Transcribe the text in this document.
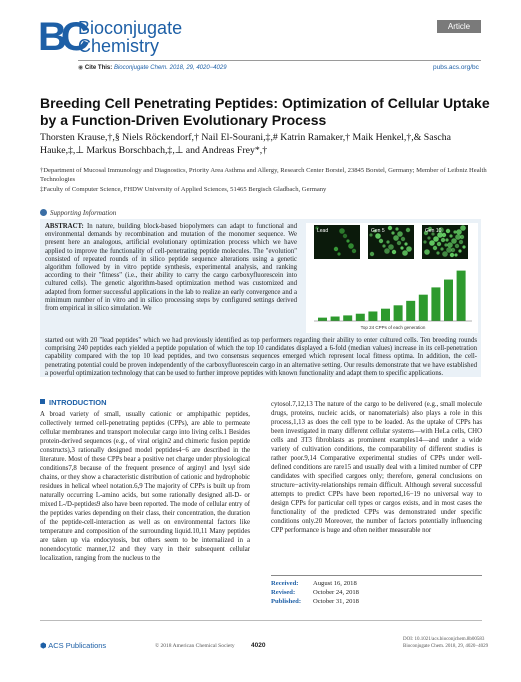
BC
Bioconjugate
Chemistry
Article
◉ Cite This: Bioconjugate Chem. 2018, 29, 4020−4029	pubs.acs.org/bc
Breeding Cell Penetrating Peptides: Optimization of Cellular Uptake by a Function-Driven Evolutionary Process
Thorsten Krause,†,§ Niels Röckendorf,† Nail El-Sourani,‡,# Katrin Ramaker,† Maik Henkel,†,& Sascha Hauke,‡,⊥ Markus Borschbach,‡,⊥ and Andreas Frey*,†
†Department of Mucosal Immunology and Diagnostics, Priority Area Asthma and Allergy, Research Center Borstel, 23845 Borstel, Germany; Member of Leibniz Health Technologies
‡Faculty of Computer Science, FHDW University of Applied Sciences, 51465 Bergisch Gladbach, Germany
Supporting Information
ABSTRACT: In nature, building block-based biopolymers can adapt to functional and environmental demands by recombination and mutation of the monomer sequence. We present here an analogous, artificial evolutionary optimization process which we have applied to improve the functionality of cell-penetrating peptide molecules. The "evolution" consisted of repeated rounds of in silico peptide sequence alterations using a genetic algorithm followed by in vitro peptide synthesis, experimental analysis, and ranking according to their "fitness" (i.e., their ability to carry the cargo carboxyfluorescein into cultured cells). The genetic algorithm-based optimization method was customized and adapted from former successful applications in the lab to realize an early convergence and a minimum number of in vitro and in silico processing steps by configured settings derived from empirical in silico simulation. We
started out with 20 "lead peptides" which we had previously identified as top performers regarding their ability to enter cultured cells. Ten breeding rounds comprising 240 peptides each yielded a peptide population of which the top 10 candidates displayed a 6-fold (median values) increase in its cell-penetration capability compared with the top 10 lead peptides, and two consensus sequences emerged which represent local fitness optima. In addition, the cell-penetrating potential could be proven independently of the carboxyfluorescein cargo in an alternative setting. Our results demonstrate that we have established a powerful optimization technology that can be used to further improve peptides with known functionality and adapt them to specific applications.
Lead	Gen 5	Gen 10
Top 24 CPPs of each generation
INTRODUCTION
A broad variety of small, usually cationic or amphipathic peptides, collectively termed cell-penetrating peptides (CPPs), are able to permeate cellular membranes and transport molecular cargo into living cells.1 Besides protein-derived sequences (e.g., of viral origin2 and chimeric fusion peptide constructs),3 rationally designed model peptides4−6 are described in the literature. Most of these CPPs bear a positive net charge under physiological conditions7,8 because of the frequent presence of arginyl and lysyl side chains, or they show a characteristic distribution of cationic and hydrophobic residues in helical wheel notation.6,9 The majority of CPPs is built up from naturally occurring L-amino acids, but some rationally designed all-D- or mixed L-/D-peptides9 also have been reported. The mode of cellular entry of the peptides varies depending on their class, their concentration, the duration of the peptide-cell-interaction as well as on environmental factors like temperature and composition of the surrounding liquid.10,11 Many peptides are taken up via endocytosis, but others seem to be internalized in a nonendocytotic manner,12 and they vary in their subsequent cellular localization, ranging from the nucleus to the
cytosol.7,12,13 The nature of the cargo to be delivered (e.g., small molecule drugs, proteins, nucleic acids, or nanomaterials) also plays a role in this process,1,13 as does the cell type to be loaded. As the uptake of CPPs has been investigated in many different cellular systems—with HeLa cells, CHO cells and 3T3 fibroblasts as prominent examples14—and under a wide variety of cultivation conditions, the comparability of different studies is rather poor.9,14 Comparative experimental studies of CPPs under well-defined conditions are rare15 and usually deal with a limited number of CPP candidates with specified cargoes only; therefore, general conclusions on structure−activity-relationships remain difficult. Although several successful attempts to predict CPPs have been reported,16−19 no universal way to design CPPs for particular cell types or cargos exists, and in most cases the functionality of the predicted CPPs was demonstrated under specific conditions only.20 Moreover, the number of factors potentially influencing CPP performance is huge and often neither measurable nor
Received: August 16, 2018
Revised:	October 24, 2018
Published: October 31, 2018
⬢ ACS Publications	© 2018 American Chemical Society	4020
DOI: 10.1021/acs.bioconjchem.8b00583
Bioconjugate Chem. 2018, 29, 4020−4029
